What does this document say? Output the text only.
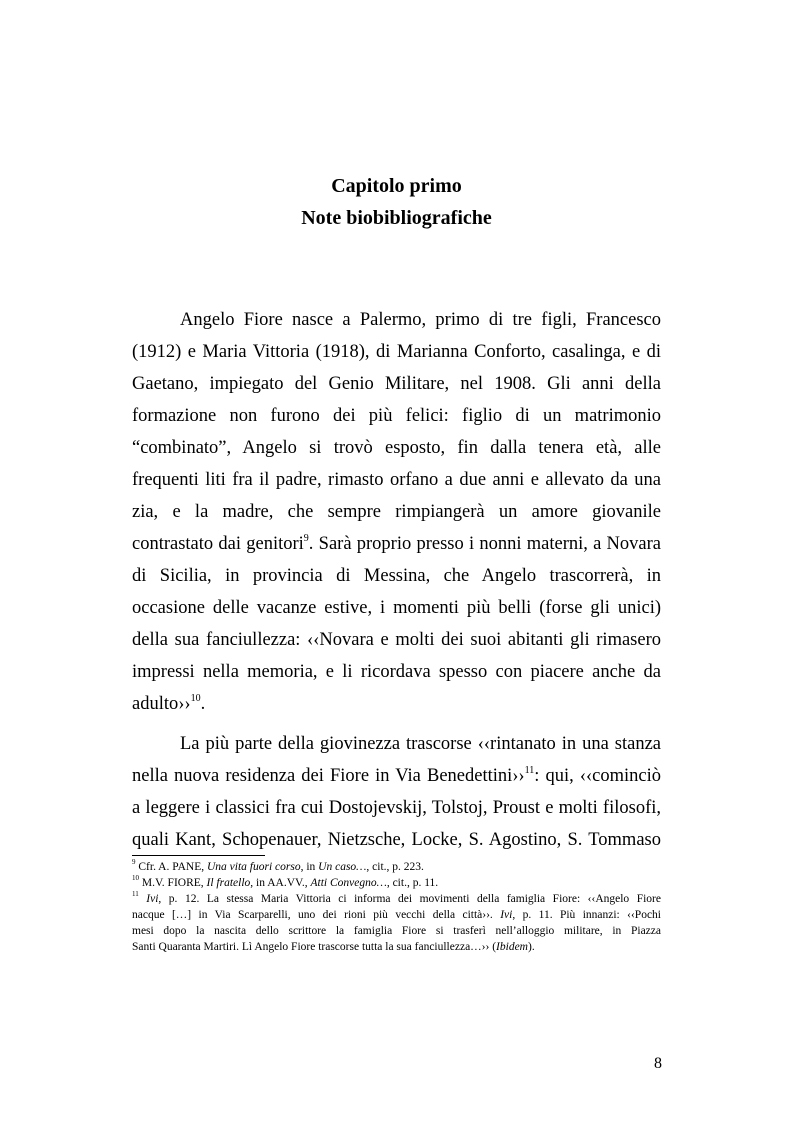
Capitolo primo
Note biobibliografiche
Angelo Fiore nasce a Palermo, primo di tre figli, Francesco
(1912) e Maria Vittoria (1918), di Marianna Conforto, casalinga, e di
Gaetano, impiegato del Genio Militare, nel 1908. Gli anni della
formazione non furono dei più felici: figlio di un matrimonio
“combinato”, Angelo si trovò esposto, fin dalla tenera età, alle
frequenti liti fra il padre, rimasto orfano a due anni e allevato da una
zia, e la madre, che sempre rimpiangerà un amore giovanile
contrastato dai genitori$^9$. Sarà proprio presso i nonni materni, a Novara
di Sicilia, in provincia di Messina, che Angelo trascorrerà, in
occasione delle vacanze estive, i momenti più belli (forse gli unici)
della sua fanciullezza: ‹‹Novara e molti dei suoi abitanti gli rimasero
impressi nella memoria, e li ricordava spesso con piacere anche da
adulto››$^{10}$.
La più parte della giovinezza trascorse ‹‹rintanato in una stanza
nella nuova residenza dei Fiore in Via Benedettini››$^{11}$: qui, ‹‹cominciò
a leggere i classici fra cui Dostojevskij, Tolstoj, Proust e molti filosofi,
quali Kant, Schopenauer, Nietzsche, Locke, S. Agostino, S. Tommaso
$^9$ Cfr. A. PANE, Una vita fuori corso, in Un caso…, cit., p. 223.
$^{10}$ M.V. FIORE, Il fratello, in AA.VV., Atti Convegno…, cit., p. 11.
$^{11}$ Ivi, p. 12. La stessa Maria Vittoria ci informa dei movimenti della famiglia Fiore: ‹‹Angelo Fiore
nacque […] in Via Scarparelli, uno dei rioni più vecchi della città››. Ivi, p. 11. Più innanzi: ‹‹Pochi
mesi dopo la nascita dello scrittore la famiglia Fiore si trasferì nell’alloggio militare, in Piazza
Santi Quaranta Martiri. Lì Angelo Fiore trascorse tutta la sua fanciullezza…›› (Ibidem).
8
